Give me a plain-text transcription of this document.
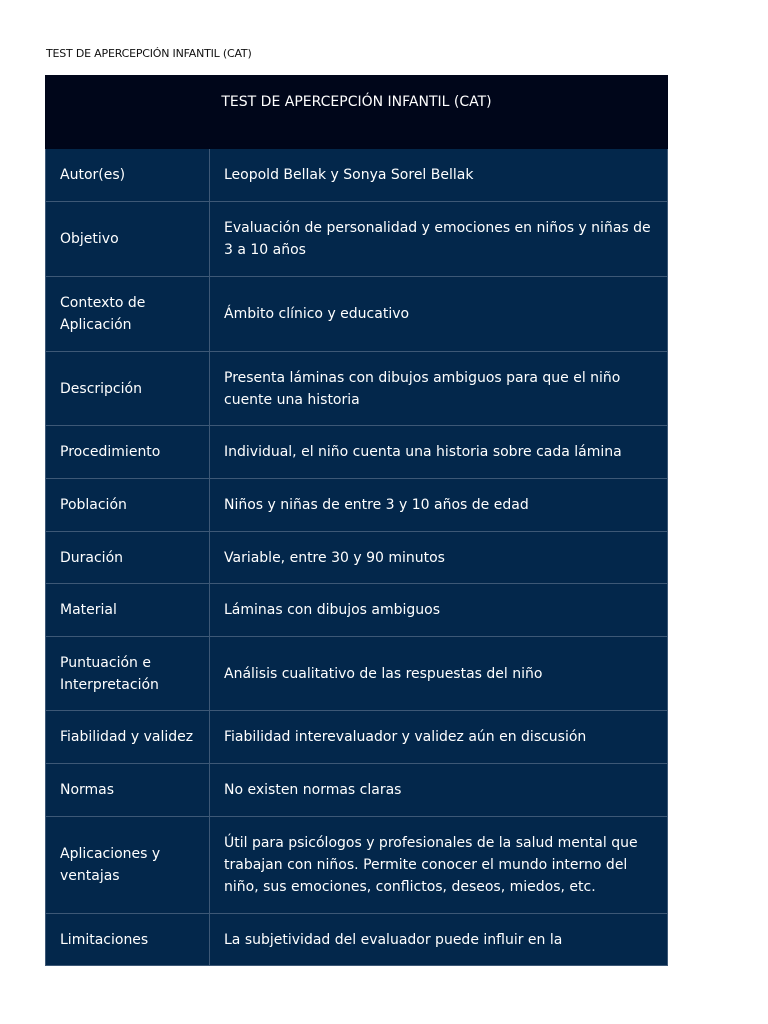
TEST DE APERCEPCIÓN INFANTIL (CAT)
TEST DE APERCEPCIÓN INFANTIL (CAT)	
Autor(es)	Leopold Bellak y Sonya Sorel Bellak
Objetivo	Evaluación de personalidad y emociones en niños y niñas de 3 a 10 años
Contexto de Aplicación	Ámbito clínico y educativo
Descripción	Presenta láminas con dibujos ambiguos para que el niño cuente una historia
Procedimiento	Individual, el niño cuenta una historia sobre cada lámina
Población	Niños y niñas de entre 3 y 10 años de edad
Duración	Variable, entre 30 y 90 minutos
Material	Láminas con dibujos ambiguos
Puntuación e Interpretación	Análisis cualitativo de las respuestas del niño
Fiabilidad y validez	Fiabilidad interevaluador y validez aún en discusión
Normas	No existen normas claras
Aplicaciones y ventajas	Útil para psicólogos y profesionales de la salud mental que trabajan con niños. Permite conocer el mundo interno del niño, sus emociones, conflictos, deseos, miedos, etc.
Limitaciones	La subjetividad del evaluador puede influir en la
